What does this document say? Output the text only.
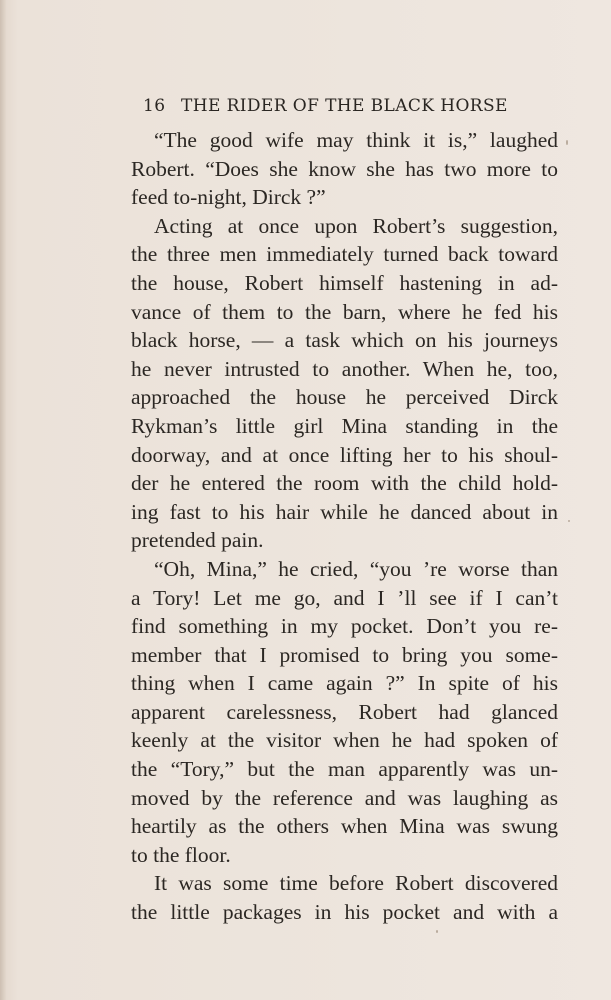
16 THE RIDER OF THE BLACK HORSE
“The good wife may think it is,” laughed
Robert. “Does she know she has two more to
feed to-night, Dirck ?”
Acting at once upon Robert’s suggestion,
the three men immediately turned back toward
the house, Robert himself hastening in ad-
vance of them to the barn, where he fed his
black horse, — a task which on his journeys
he never intrusted to another. When he, too,
approached the house he perceived Dirck
Rykman’s little girl Mina standing in the
doorway, and at once lifting her to his shoul-
der he entered the room with the child hold-
ing fast to his hair while he danced about in
pretended pain.
“Oh, Mina,” he cried, “you ’re worse than
a Tory! Let me go, and I ’ll see if I can’t
find something in my pocket. Don’t you re-
member that I promised to bring you some-
thing when I came again ?” In spite of his
apparent carelessness, Robert had glanced
keenly at the visitor when he had spoken of
the “Tory,” but the man apparently was un-
moved by the reference and was laughing as
heartily as the others when Mina was swung
to the floor.
It was some time before Robert discovered
the little packages in his pocket and with a
